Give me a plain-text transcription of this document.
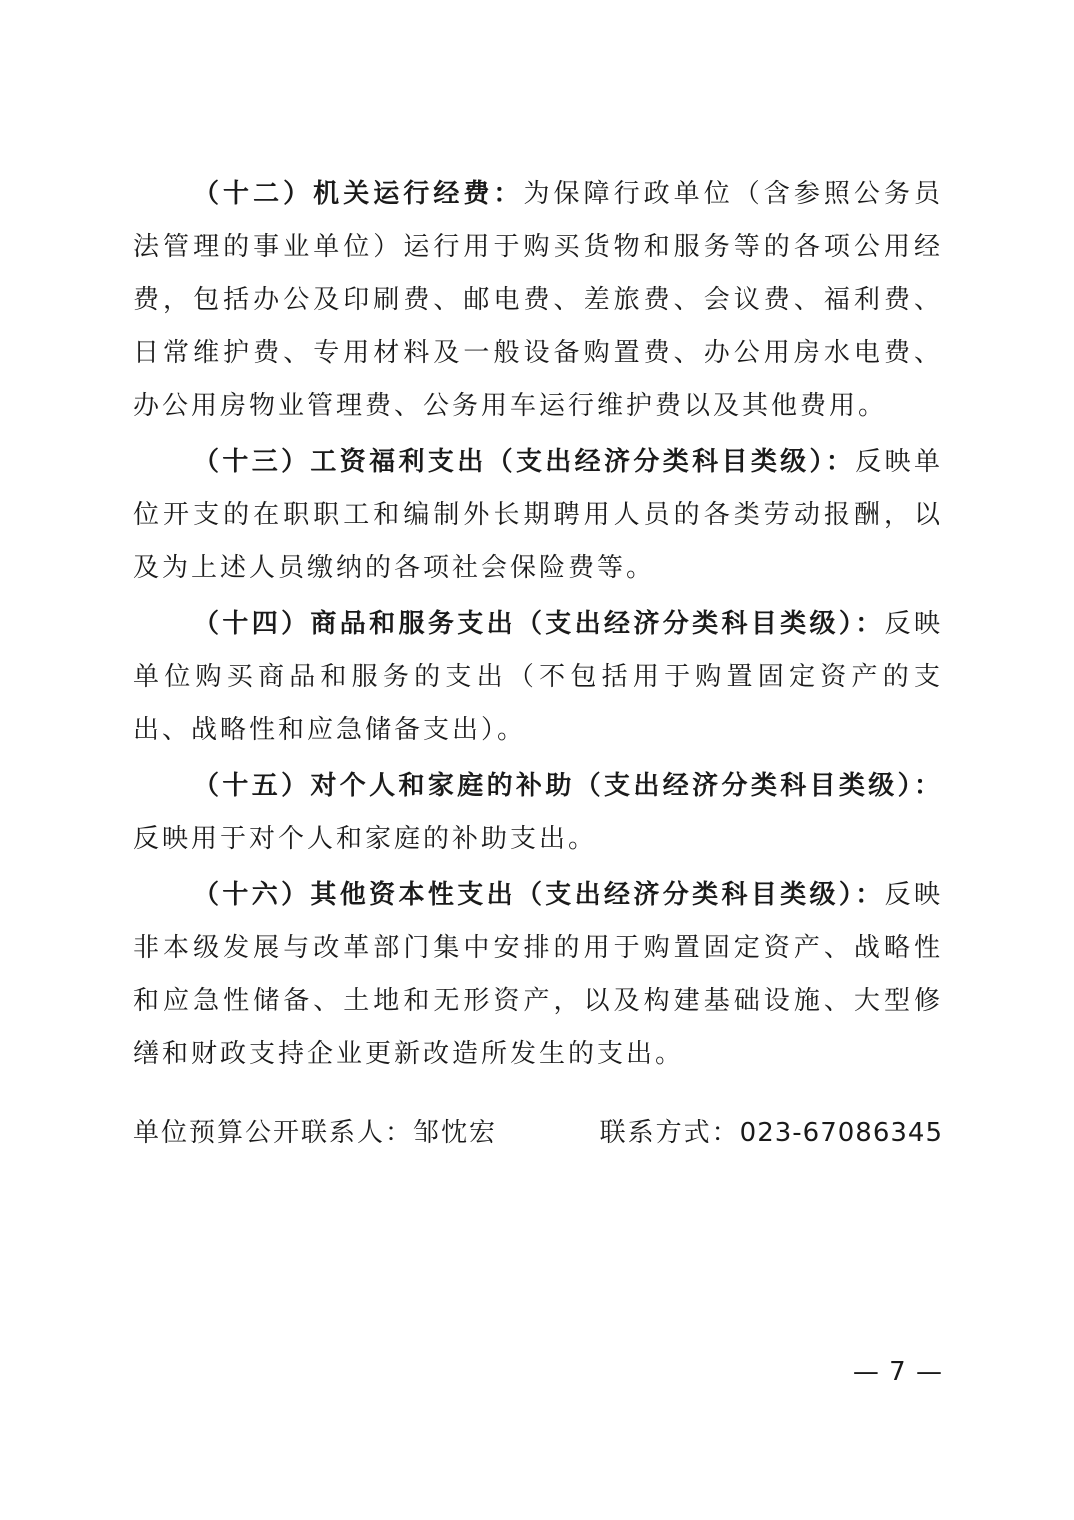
（十二）机关运行经费：为保障行政单位（含参照公务员法管理的事业单位）运行用于购买货物和服务等的各项公用经费，包括办公及印刷费、邮电费、差旅费、会议费、福利费、日常维护费、专用材料及一般设备购置费、办公用房水电费、办公用房物业管理费、公务用车运行维护费以及其他费用。

（十三）工资福利支出（支出经济分类科目类级）：反映单位开支的在职职工和编制外长期聘用人员的各类劳动报酬，以及为上述人员缴纳的各项社会保险费等。

（十四）商品和服务支出（支出经济分类科目类级）：反映单位购买商品和服务的支出（不包括用于购置固定资产的支出、战略性和应急储备支出）。

（十五）对个人和家庭的补助（支出经济分类科目类级）：反映用于对个人和家庭的补助支出。

（十六）其他资本性支出（支出经济分类科目类级）：反映非本级发展与改革部门集中安排的用于购置固定资产、战略性和应急性储备、土地和无形资产，以及构建基础设施、大型修缮和财政支持企业更新改造所发生的支出。

单位预算公开联系人：邹忱宏	联系方式：023-67086345
— 7 —
